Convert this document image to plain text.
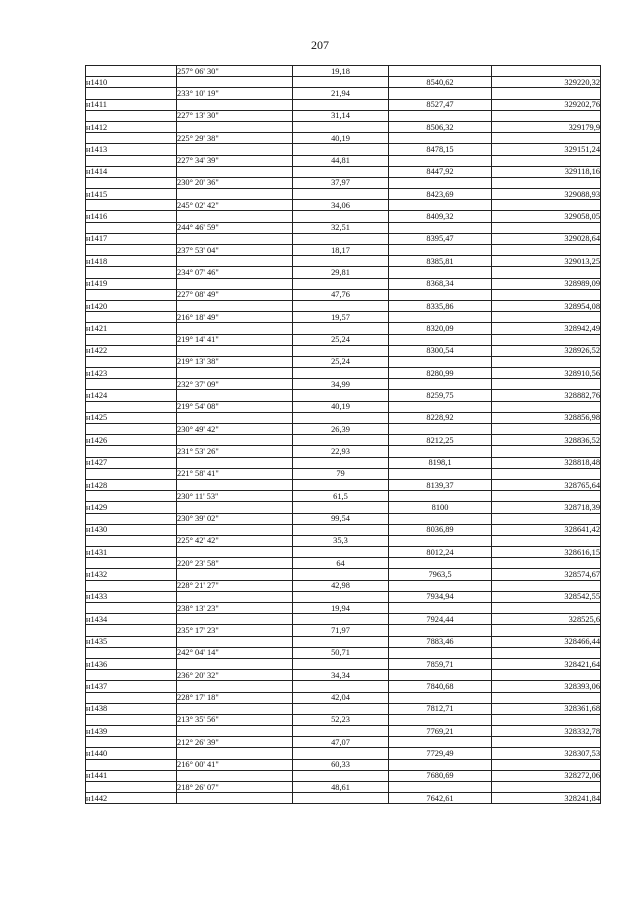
207
	257° 06' 30"	19,18		
н1410			8540,62	329220,32
	233° 10' 19"	21,94		
н1411			8527,47	329202,76
	227° 13' 30"	31,14		
н1412			8506,32	329179,9
	225° 29' 38"	40,19		
н1413			8478,15	329151,24
	227° 34' 39"	44,81		
н1414			8447,92	329118,16
	230° 20' 36"	37,97		
н1415			8423,69	329088,93
	245° 02' 42"	34,06		
н1416			8409,32	329058,05
	244° 46' 59"	32,51		
н1417			8395,47	329028,64
	237° 53' 04"	18,17		
н1418			8385,81	329013,25
	234° 07' 46"	29,81		
н1419			8368,34	328989,09
	227° 08' 49"	47,76		
н1420			8335,86	328954,08
	216° 18' 49"	19,57		
н1421			8320,09	328942,49
	219° 14' 41"	25,24		
н1422			8300,54	328926,52
	219° 13' 38"	25,24		
н1423			8280,99	328910,56
	232° 37' 09"	34,99		
н1424			8259,75	328882,76
	219° 54' 08"	40,19		
н1425			8228,92	328856,98
	230° 49' 42"	26,39		
н1426			8212,25	328836,52
	231° 53' 26"	22,93		
н1427			8198,1	328818,48
	221° 58' 41"	79		
н1428			8139,37	328765,64
	230° 11' 53"	61,5		
н1429			8100	328718,39
	230° 39' 02"	99,54		
н1430			8036,89	328641,42
	225° 42' 42"	35,3		
н1431			8012,24	328616,15
	220° 23' 58"	64		
н1432			7963,5	328574,67
	228° 21' 27"	42,98		
н1433			7934,94	328542,55
	238° 13' 23"	19,94		
н1434			7924,44	328525,6
	235° 17' 23"	71,97		
н1435			7883,46	328466,44
	242° 04' 14"	50,71		
н1436			7859,71	328421,64
	236° 20' 32"	34,34		
н1437			7840,68	328393,06
	228° 17' 18"	42,04		
н1438			7812,71	328361,68
	213° 35' 56"	52,23		
н1439			7769,21	328332,78
	212° 26' 39"	47,07		
н1440			7729,49	328307,53
	216° 00' 41"	60,33		
н1441			7680,69	328272,06
	218° 26' 07"	48,61		
н1442			7642,61	328241,84
